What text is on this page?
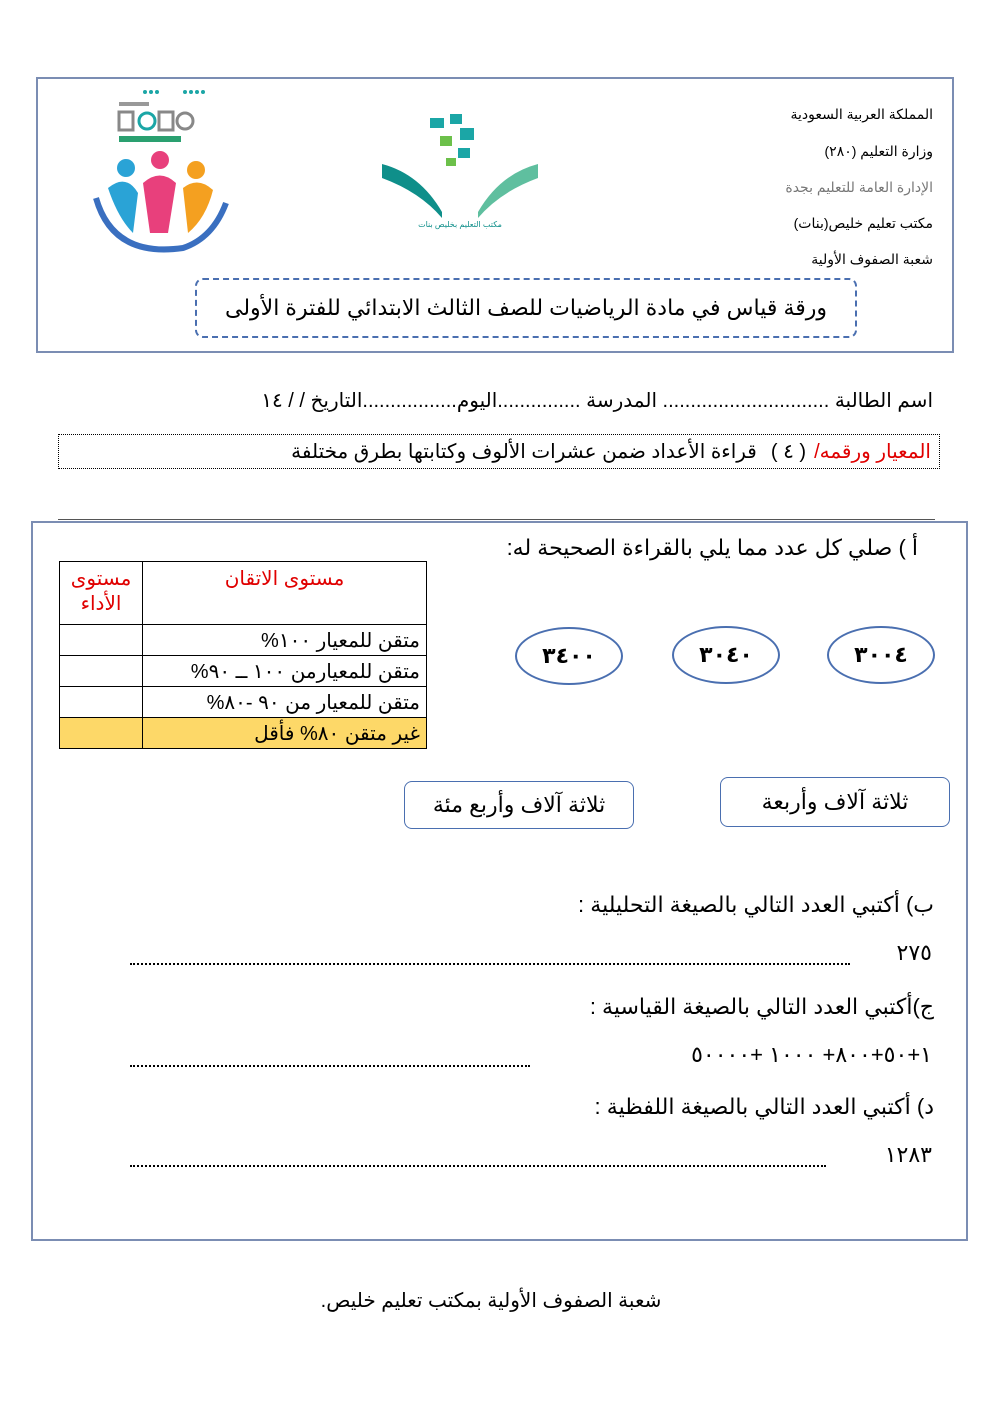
المملكة العربية السعودية
وزارة التعليم (٢٨٠)
الإدارة العامة للتعليم بجدة
مكتب تعليم خليص(بنات)
شعبة الصفوف الأولية
مكتب التعليم بخليص بنات
ورقة قياس في مادة الرياضيات للصف الثالث الابتدائي للفترة الأولى
اسم الطالبة .............................. المدرسة ...............اليوم.................التاريخ / / ١٤
المعيار ورقمه/
( ٤ )
قراءة الأعداد ضمن عشرات الألوف وكتابتها بطرق مختلفة
مستوى الاتقان	مستوى الأداء
متقن للمعيار ١٠٠%	
متقن للمعيارمن ١٠٠ ــ ٩٠%	
متقن للمعيار من ٩٠ -٨٠%	
غير متقن ٨٠% فأقل	
أ ) صلي كل عدد مما يلي بالقراءة الصحيحة له:
٣٠٠٤
٣٠٤٠
٣٤٠٠
ثلاثة آلاف وأربعة
ثلاثة آلاف وأربع مئة
ب) أكتبي العدد التالي بالصيغة التحليلية :
٢٧٥
ج)أكتبي العدد التالي بالصيغة القياسية :
١+٥٠+٨٠٠+ ١٠٠٠ +٥٠٠٠٠
د) أكتبي العدد التالي بالصيغة اللفظية :
١٢٨٣
شعبة الصفوف الأولية بمكتب تعليم خليص.
